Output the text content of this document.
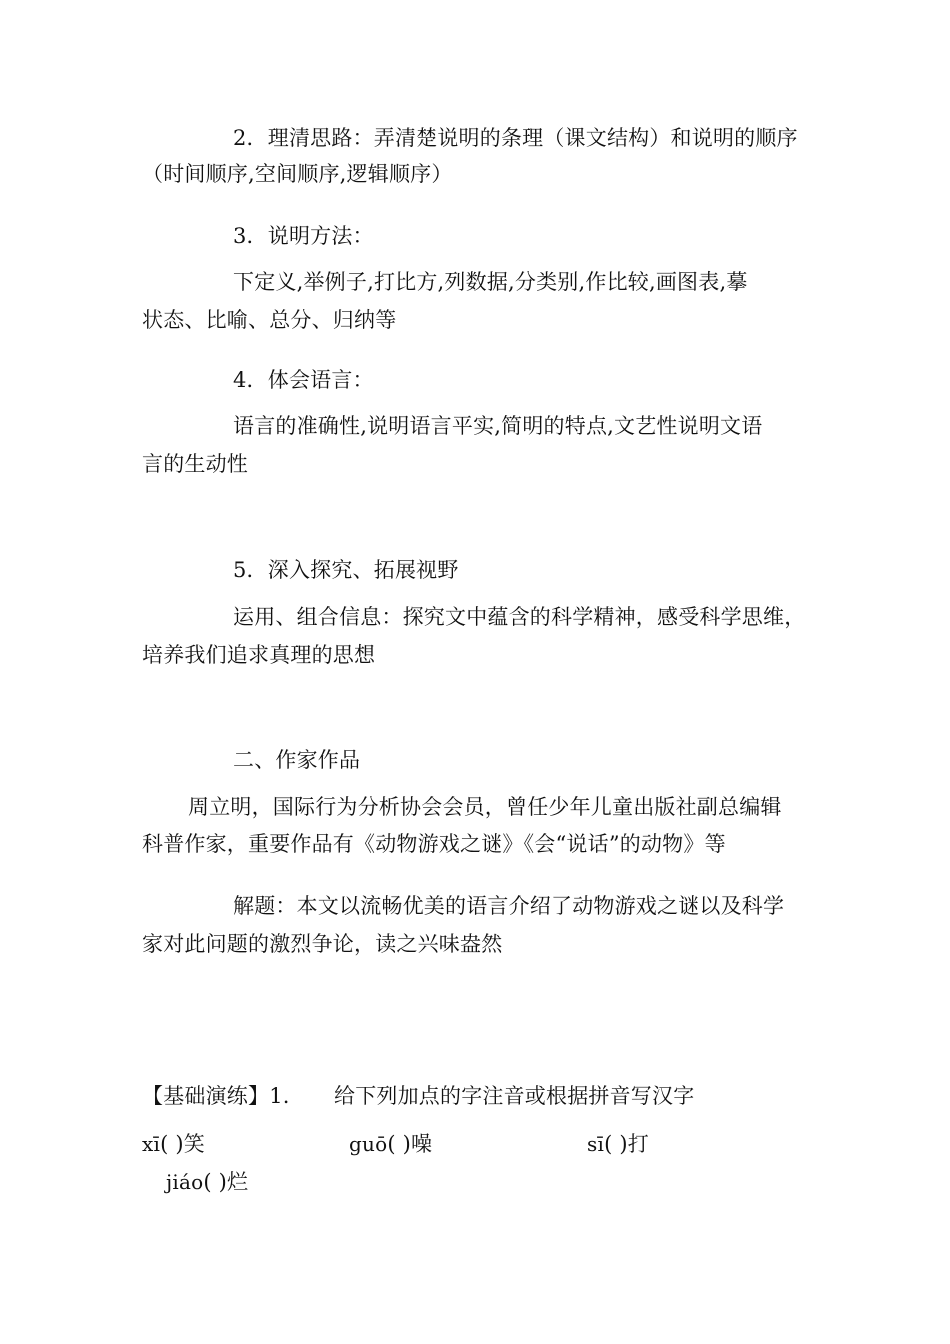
2．理清思路：弄清楚说明的条理（课文结构）和说明的顺序
（时间顺序,空间顺序,逻辑顺序）
3．说明方法：
下定义,举例子,打比方,列数据,分类别,作比较,画图表,摹
状态、比喻、总分、归纳等
4．体会语言：
语言的准确性,说明语言平实,简明的特点,文艺性说明文语
言的生动性
5．深入探究、拓展视野
运用、组合信息：探究文中蕴含的科学精神，感受科学思维，
培养我们追求真理的思想
二、作家作品
周立明，国际行为分析协会会员，曾任少年儿童出版社副总编辑
科普作家，重要作品有《动物游戏之谜》《会“说话”的动物》等
解题：本文以流畅优美的语言介绍了动物游戏之谜以及科学
家对此问题的激烈争论，读之兴味盎然
【基础演练】1. 给下列加点的字注音或根据拼音写汉字
xī( )笑	guō( )噪	sī( )打
jiáo( )烂
